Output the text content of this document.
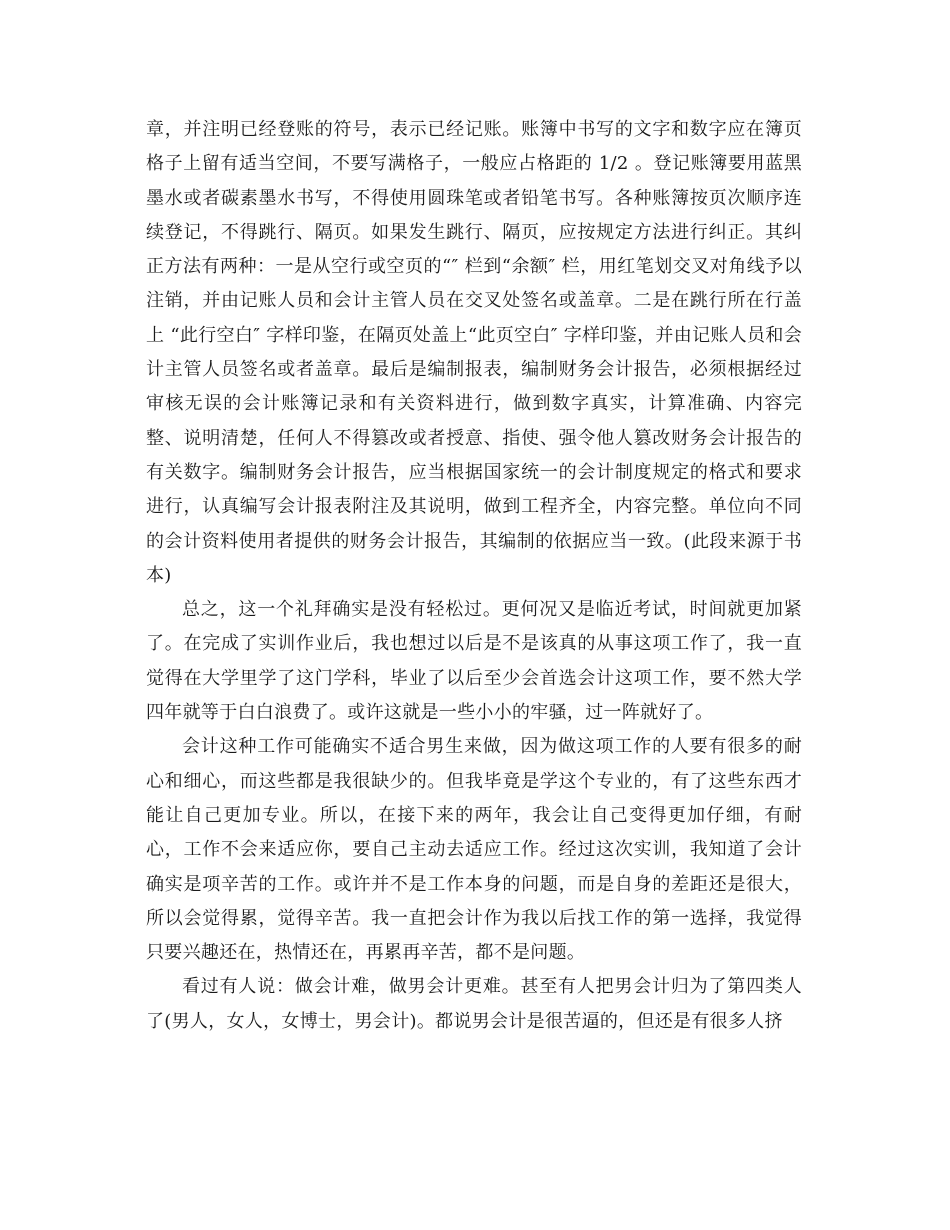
章，并注明已经登账的符号，表示已经记账。账簿中书写的文字和数字应在簿页格子上留有适当空间，不要写满格子，一般应占格距的 1/2 。登记账簿要用蓝黑墨水或者碳素墨水书写，不得使用圆珠笔或者铅笔书写。各种账簿按页次顺序连续登记，不得跳行、隔页。如果发生跳行、隔页，应按规定方法进行纠正。其纠正方法有两种：一是从空行或空页的“″ 栏到“余额″ 栏，用红笔划交叉对角线予以注销，并由记账人员和会计主管人员在交叉处签名或盖章。二是在跳行所在行盖上 “此行空白″ 字样印鉴，在隔页处盖上“此页空白″ 字样印鉴，并由记账人员和会计主管人员签名或者盖章。最后是编制报表，编制财务会计报告，必须根据经过审核无误的会计账簿记录和有关资料进行，做到数字真实，计算准确、内容完整、说明清楚，任何人不得篡改或者授意、指使、强令他人篡改财务会计报告的有关数字。编制财务会计报告，应当根据国家统一的会计制度规定的格式和要求进行，认真编写会计报表附注及其说明，做到工程齐全，内容完整。单位向不同的会计资料使用者提供的财务会计报告，其编制的依据应当一致。(此段来源于书本)

总之，这一个礼拜确实是没有轻松过。更何况又是临近考试，时间就更加紧了。在完成了实训作业后，我也想过以后是不是该真的从事这项工作了，我一直觉得在大学里学了这门学科，毕业了以后至少会首选会计这项工作，要不然大学四年就等于白白浪费了。或许这就是一些小小的牢骚，过一阵就好了。

会计这种工作可能确实不适合男生来做，因为做这项工作的人要有很多的耐心和细心，而这些都是我很缺少的。但我毕竟是学这个专业的，有了这些东西才能让自己更加专业。所以，在接下来的两年，我会让自己变得更加仔细，有耐心，工作不会来适应你，要自己主动去适应工作。经过这次实训，我知道了会计确实是项辛苦的工作。或许并不是工作本身的问题，而是自身的差距还是很大，所以会觉得累，觉得辛苦。我一直把会计作为我以后找工作的第一选择，我觉得只要兴趣还在，热情还在，再累再辛苦，都不是问题。

看过有人说：做会计难，做男会计更难。甚至有人把男会计归为了第四类人了(男人，女人，女博士，男会计)。都说男会计是很苦逼的，但还是有很多人挤
